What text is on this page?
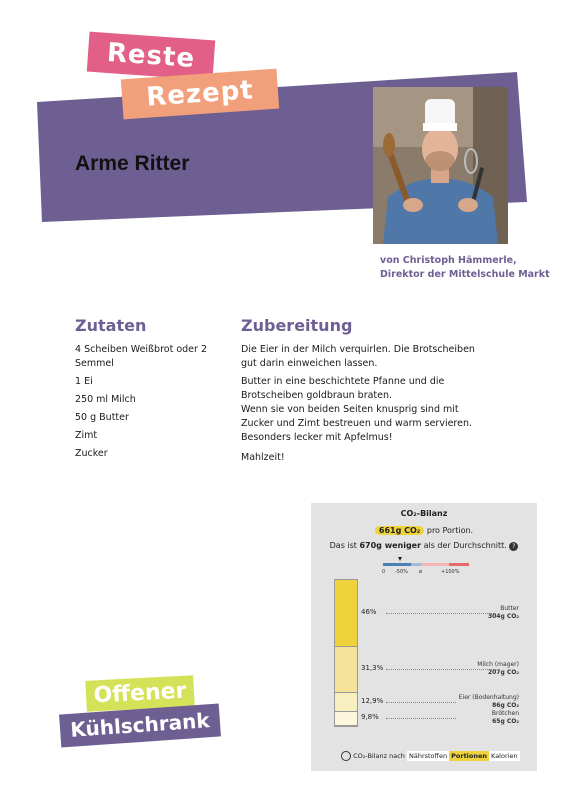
Reste
Rezept
Arme Ritter
von Christoph Hämmerle,
Direktor der Mittelschule Markt
Zutaten
4 Scheiben Weißbrot oder 2 Semmel
1 Ei
250 ml Milch
50 g Butter
Zimt
Zucker
Zubereitung

Die Eier in der Milch verquirlen. Die Brotscheiben gut darin einweichen lassen.

Butter in eine beschichtete Pfanne und die Brotscheiben goldbraun braten.

Wenn sie von beiden Seiten knusprig sind mit Zucker und Zimt bestreuen und warm servieren.

Besonders lecker mit Apfelmus!

Mahlzeit!

CO₂-Bilanz
661g CO₂ pro Portion.
Das ist 670g weniger als der Durchschnitt. ?
0 -50% ø	+100%
46%	Butter
304g CO₂
31,3%	Milch (mager)
207g CO₂
12,9%	Eier (Bodenhaltung)
86g CO₂
9,8%	Brötchen
65g CO₂
CO₂-Bilanz nach Nährstoffen Portionen Kalorien
Offener
Kühlschrank
